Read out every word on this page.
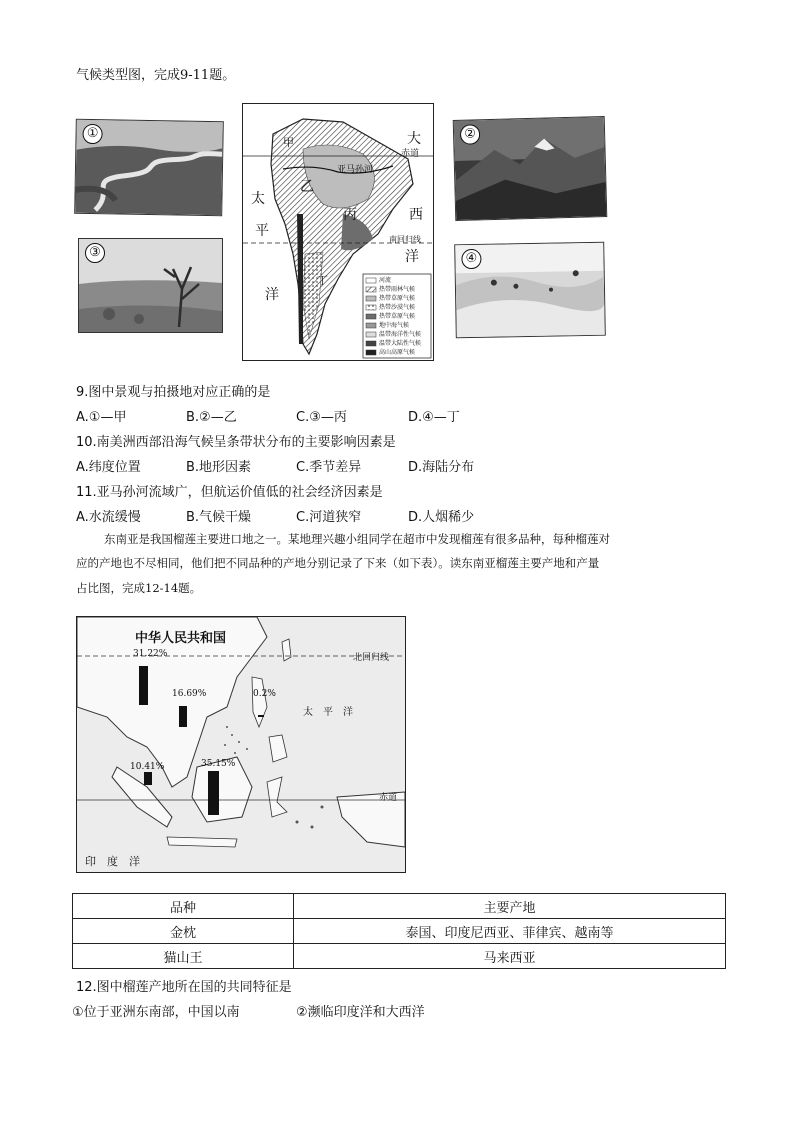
气候类型图，完成9-11题。
①
③
②
④
乙
丙
甲
丁
大
赤道
西
洋
亚马孙河
南回归线
太
平
洋
河流
热带雨林气候
热带草原气候
热带沙漠气候
热带草原气候
地中海气候
温带海洋性气候
温带大陆性气候
高山高原气候
9.图中景观与拍摄地对应正确的是
A.①—甲	B.②—乙	C.③—丙	D.④—丁
10.南美洲西部沿海气候呈条带状分布的主要影响因素是
A.纬度位置	B.地形因素	C.季节差异	D.海陆分布
11.亚马孙河流域广，但航运价值低的社会经济因素是
A.水流缓慢	B.气候干燥	C.河道狭窄	D.人烟稀少
东南亚是我国榴莲主要进口地之一。某地理兴趣小组同学在超市中发现榴莲有很多品种，每种榴莲对
应的产地也不尽相同，他们把不同品种的产地分别记录了下来（如下表）。读东南亚榴莲主要产地和产量
占比图，完成12-14题。
31.22%
16.69%	0.2%
10.41%	35.15%
中华人民共和国
北回归线
太　平　洋
赤道
印　度　洋
品种	主要产地
金枕	泰国、印度尼西亚、菲律宾、越南等
猫山王	马来西亚
12.图中榴莲产地所在国的共同特征是
①位于亚洲东南部，中国以南	②濒临印度洋和大西洋
